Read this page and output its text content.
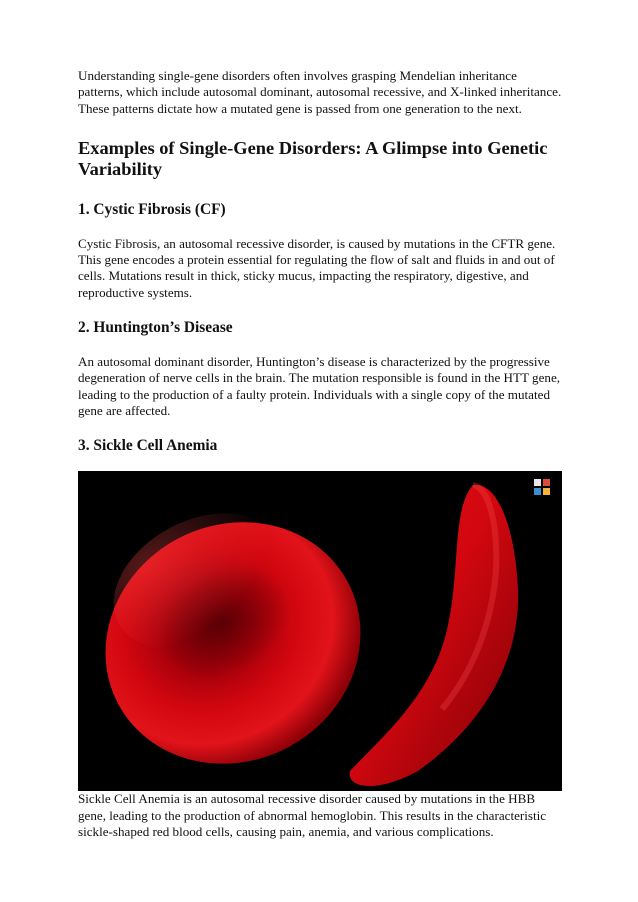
Understanding single-gene disorders often involves grasping Mendelian inheritance patterns, which include autosomal dominant, autosomal recessive, and X-linked inheritance. These patterns dictate how a mutated gene is passed from one generation to the next.

Examples of Single-Gene Disorders: A Glimpse into Genetic Variability
1. Cystic Fibrosis (CF)

Cystic Fibrosis, an autosomal recessive disorder, is caused by mutations in the CFTR gene. This gene encodes a protein essential for regulating the flow of salt and fluids in and out of cells. Mutations result in thick, sticky mucus, impacting the respiratory, digestive, and reproductive systems.

2. Huntington’s Disease

An autosomal dominant disorder, Huntington’s disease is characterized by the progressive degeneration of nerve cells in the brain. The mutation responsible is found in the HTT gene, leading to the production of a faulty protein. Individuals with a single copy of the mutated gene are affected.

3. Sickle Cell Anemia

Sickle Cell Anemia is an autosomal recessive disorder caused by mutations in the HBB gene, leading to the production of abnormal hemoglobin. This results in the characteristic sickle-shaped red blood cells, causing pain, anemia, and various complications.
